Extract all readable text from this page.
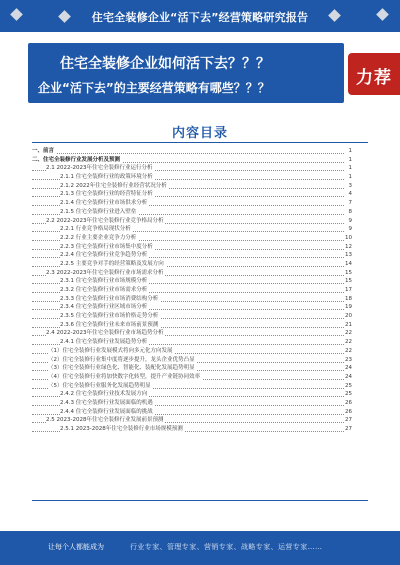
住宅全装修企业“活下去”经营策略研究报告
住宅全装修企业如何活下去？？？
企业“活下去”的主要经营策略有哪些？？？	力荐
内容目录
一、前言	1
二、住宅全装修行业发展分析及预测	1
2.1 2022-2023年住宅全装修行业运行分析	1
2.1.1 住宅全装修行业的政策环境分析	1
2.1.2 2022年住宅全装修行业经营状况分析	3
2.1.3 住宅全装修行业的经营特征分析	4
2.1.4 住宅全装修行业市场供求分析	7
2.1.5 住宅全装修行业进入壁垒	8
2.2 2022-2023年住宅全装修行业竞争格局分析	9
2.2.1 行业竞争格局现状分析	9
2.2.2 行业主要企业竞争力分析	10
2.2.3 住宅全装修行业市场集中度分析	12
2.2.4 住宅全装修行业竞争趋势分析	13
2.2.5 主要竞争对手的经营策略及发展方向	14
2.3 2022-2023年住宅全装修行业市场需求分析	15
2.3.1 住宅全装修行业市场规模分析	15
2.3.2 住宅全装修行业市场需求分析	17
2.3.3 住宅全装修行业市场消费结构分析	18
2.3.4 住宅全装修行业区域市场分析	19
2.3.5 住宅全装修行业市场价格走势分析	20
2.3.6 住宅全装修行业未来市场前景预测	21
2.4 2022-2023年住宅全装修行业市场趋势分析	22
2.4.1 住宅全装修行业发展趋势分析	22
（1）住宅全装修行业发展模式将向多元化方向发展	22
（2）住宅全装修行业集中度将逐步提升，龙头企业优势凸显	23
（3）住宅全装修行业绿色化、智能化、装配化发展趋势明显	24
（4）住宅全装修行业将加快数字化转型，提升产业链协同效率	24
（5）住宅全装修行业服务化发展趋势明显	25
2.4.2 住宅全装修行业技术发展方向	25
2.4.3 住宅全装修行业发展面临的机遇	26
2.4.4 住宅全装修行业发展面临的挑战	26
2.5 2023-2028年住宅全装修行业发展前景预测	27
2.5.1 2023-2028年住宅全装修行业市场规模预测	27
让每个人都能成为	行业专家、管理专家、营销专家、战略专家、运营专家……
